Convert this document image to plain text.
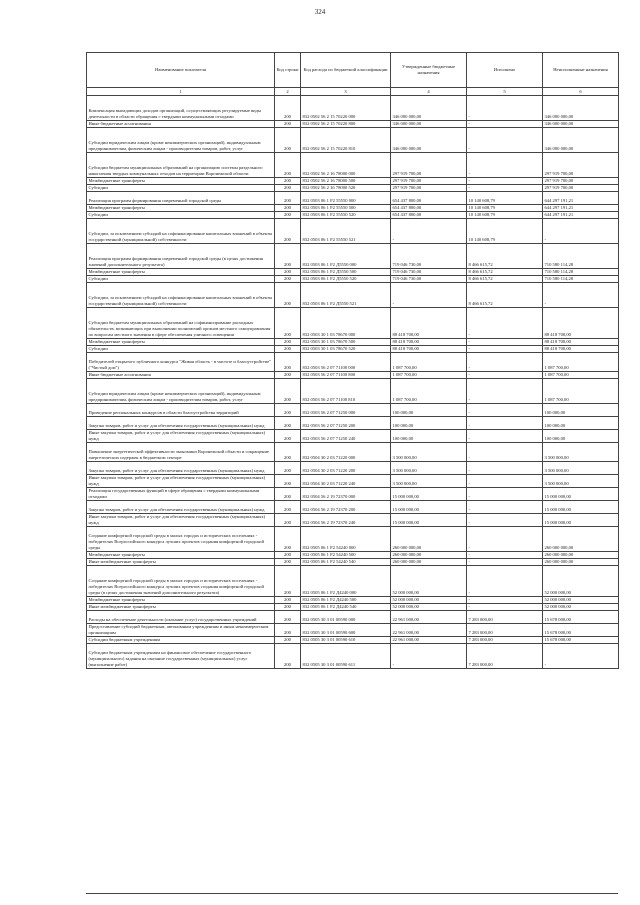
324
Наименование показателя	Код строки	Код расхода по бюджетной классификации	Утвержденные бюджетные назначения	Исполнено	Неисполненные назначения
1	2	3	4	5	6
Компенсация выпадающих доходов организаций, осуществляющих регулируемые виды деятельности в области обращения с твердыми коммунальными отходами	200	832 0502 56 2 15 70220 000	346 000 000,00	-	346 000 000,00
Иные бюджетные ассигнования	200	832 0502 56 2 15 70220 800	346 000 000,00	-	346 000 000,00
Субсидии юридическим лицам (кроме некоммерческих организаций), индивидуальным предпринимателям, физическим лицам - производителям товаров, работ, услуг	200	832 0502 56 2 15 70220 810	346 000 000,00	-	346 000 000,00
Субсидии бюджетам муниципальных образований на организацию системы раздельного накопления твердых коммунальных отходов на территории Воронежской области	200	832 0502 56 2 16 78000 000	297 919 700,00	-	297 919 700,00
Межбюджетные трансферты	200	832 0502 56 2 16 78000 500	297 919 700,00	-	297 919 700,00
Субсидии	200	832 0502 56 2 16 78000 520	297 919 700,00	-	297 919 700,00
Реализация программ формирования современной городской среды	200	832 0503 06 1 F2 55550 000	654 437 800,00	10 140 608,79	644 297 191,21
Межбюджетные трансферты	200	832 0503 06 1 F2 55550 500	654 437 800,00	10 140 608,79	644 297 191,21
Субсидии	200	832 0503 06 1 F2 55550 520	654 437 800,00	10 140 608,79	644 297 191,21
Субсидии, за исключением субсидий на софинансирование капитальных вложений в объекты государственной (муниципальной) собственности	200	832 0503 06 1 F2 55550 521	-	10 140 608,79	-
Реализация программ формирования современной городской среды (в целях достижения значений дополнительного результата)	200	832 0503 06 1 F2 Д5550 000	719 046 730,00	8 466 615,72	710 580 114,28
Межбюджетные трансферты	200	832 0503 06 1 F2 Д5550 500	719 046 730,00	8 466 615,72	710 580 114,28
Субсидии	200	832 0503 06 1 F2 Д5550 520	719 046 730,00	8 466 615,72	710 580 114,28
Субсидии, за исключением субсидий на софинансирование капитальных вложений в объекты государственной (муниципальной) собственности	200	832 0503 06 1 F2 Д5550 521	-	8 466 615,72	-
Субсидии бюджетам муниципальных образований на софинансирование расходных обязательств, возникающих при выполнении полномочий органов местного самоуправления по вопросам местного значения в сфере обеспечения уличного освещения	200	832 0503 30 1 03 78670 000	88 418 700,00	-	88 418 700,00
Межбюджетные трансферты	200	832 0503 30 1 03 78670 500	88 418 700,00	-	88 418 700,00
Субсидии	200	832 0503 30 1 03 78670 520	88 418 700,00	-	88 418 700,00
Победителей открытого публичного конкурса "Живая область - в чистоте и благоустройстве" ("Чистый дом")	200	832 0503 56 2 07 71100 000	1 087 700,00	-	1 087 700,00
Иные бюджетные ассигнования	200	832 0503 56 2 07 71100 800	1 087 700,00	-	1 087 700,00
Субсидии юридическим лицам (кроме некоммерческих организаций), индивидуальным предпринимателям, физическим лицам - производителям товаров, работ, услуг	200	832 0503 56 2 07 71100 810	1 087 700,00	-	1 087 700,00
Проведение региональных конкурсов в области благоустройства территорий	200	832 0503 56 2 07 71250 000	100 000,00	-	100 000,00
Закупка товаров, работ и услуг для обеспечения государственных (муниципальных) нужд	200	832 0503 56 2 07 71250 200	100 000,00	-	100 000,00
Иные закупки товаров, работ и услуг для обеспечения государственных (муниципальных) нужд	200	832 0503 56 2 07 71250 240	100 000,00	-	100 000,00
Повышение энергетической эффективности экономики Воронежской области и сокращение энергетических издержек в бюджетном секторе	200	832 0504 30 2 03 71220 000	3 500 000,00	-	3 500 000,00
Закупка товаров, работ и услуг для обеспечения государственных (муниципальных) нужд	200	832 0504 30 2 03 71220 200	3 500 000,00	-	3 500 000,00
Иные закупки товаров, работ и услуг для обеспечения государственных (муниципальных) нужд	200	832 0504 30 2 03 71220 240	3 500 000,00	-	3 500 000,00
Реализация государственных функций в сфере обращения с твердыми коммунальными отходами	200	832 0504 56 2 19 72370 000	15 000 000,00	-	15 000 000,00
Закупка товаров, работ и услуг для обеспечения государственных (муниципальных) нужд	200	832 0504 56 2 19 72370 200	15 000 000,00	-	15 000 000,00
Иные закупки товаров, работ и услуг для обеспечения государственных (муниципальных) нужд	200	832 0504 56 2 19 72370 240	15 000 000,00	-	15 000 000,00
Создание комфортной городской среды в малых городах и исторических поселениях - победителях Всероссийского конкурса лучших проектов создания комфортной городской среды	200	832 0505 06 1 F2 54240 000	260 000 000,00	-	260 000 000,00
Межбюджетные трансферты	200	832 0505 06 1 F2 54240 500	260 000 000,00	-	260 000 000,00
Иные межбюджетные трансферты	200	832 0505 06 1 F2 54240 540	260 000 000,00	-	260 000 000,00
Создание комфортной городской среды в малых городах и исторических поселениях - победителях Всероссийского конкурса лучших проектов создания комфортной городской среды (в целях достижения значений дополнительного результата)	200	832 0505 06 1 F2 Д4240 000	52 000 000,00	-	52 000 000,00
Межбюджетные трансферты	200	832 0505 06 1 F2 Д4240 500	52 000 000,00	-	52 000 000,00
Иные межбюджетные трансферты	200	832 0505 06 1 F2 Д4240 540	52 000 000,00	-	52 000 000,00
Расходы на обеспечение деятельности (оказание услуг) государственных учреждений	200	832 0505 30 3 01 00590 000	22 961 000,00	7 283 000,00	15 678 000,00
Предоставление субсидий бюджетным, автономным учреждениям и иным некоммерческим организациям	200	832 0505 30 3 01 00590 600	22 961 000,00	7 283 000,00	15 678 000,00
Субсидии бюджетным учреждениям	200	832 0505 30 3 01 00590 610	22 961 000,00	7 283 000,00	15 678 000,00
Субсидии бюджетным учреждениям на финансовое обеспечение государственного (муниципального) задания на оказание государственных (муниципальных) услуг (выполнение работ)	200	832 0505 30 3 01 00590 611	-	7 283 000,00	-
